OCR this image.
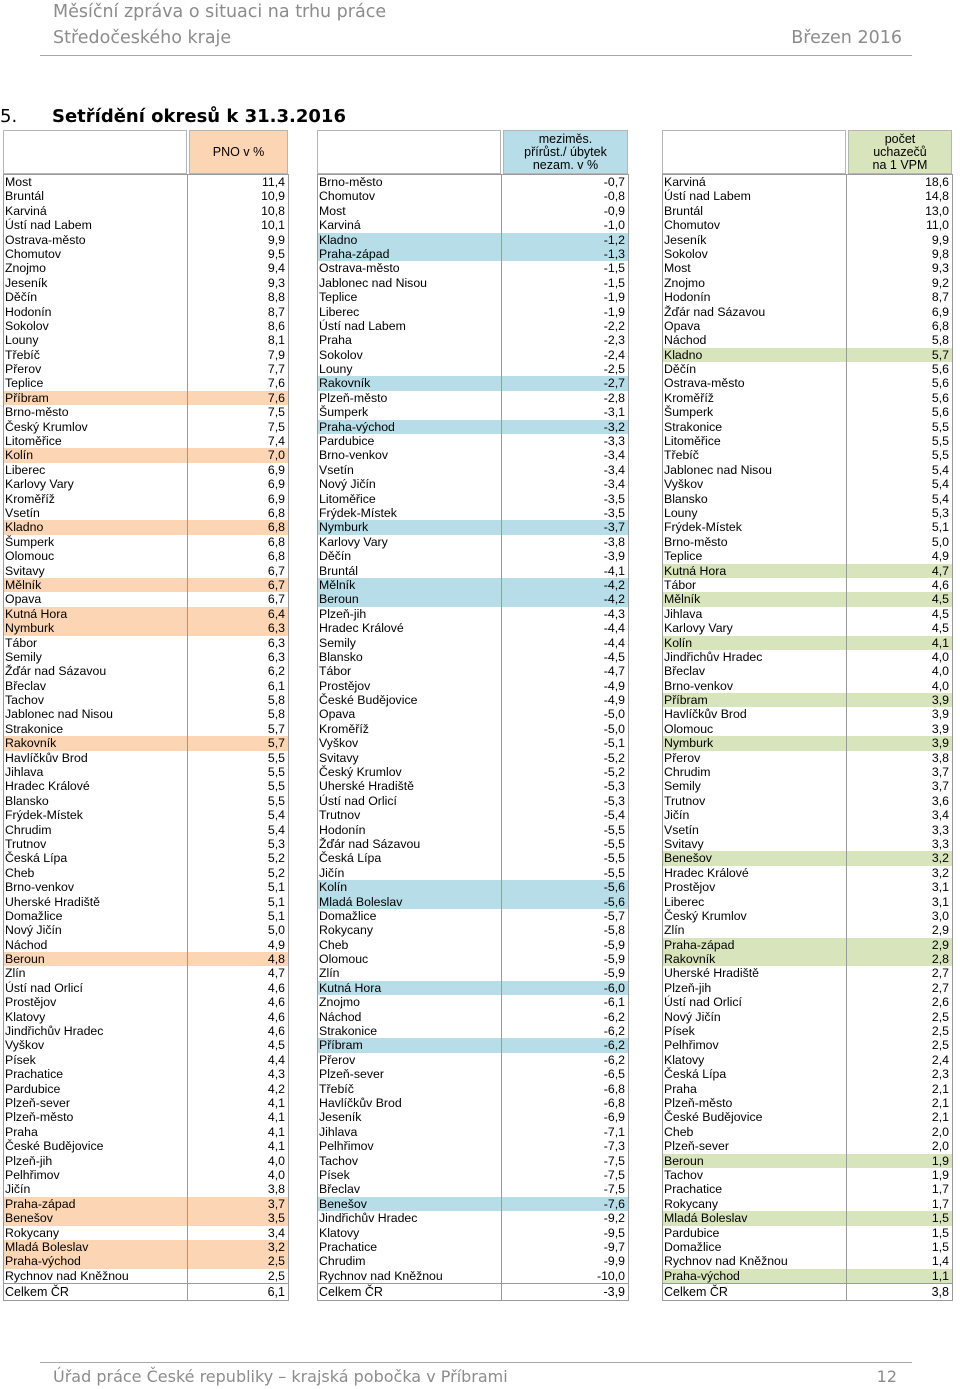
Měsíční zpráva o situaci na trhu práce
Středočeského kraje	Březen 2016
5. Setřídění okresů k 31.3.2016
PNO v %
Most	11,4
Bruntál	10,9
Karviná	10,8
Ústí nad Labem	10,1
Ostrava-město	9,9
Chomutov	9,5
Znojmo	9,4
Jeseník	9,3
Děčín	8,8
Hodonín	8,7
Sokolov	8,6
Louny	8,1
Třebíč	7,9
Přerov	7,7
Teplice	7,6
Příbram	7,6
Brno-město	7,5
Český Krumlov	7,5
Litoměřice	7,4
Kolín	7,0
Liberec	6,9
Karlovy Vary	6,9
Kroměříž	6,9
Vsetín	6,8
Kladno	6,8
Šumperk	6,8
Olomouc	6,8
Svitavy	6,7
Mělník	6,7
Opava	6,7
Kutná Hora	6,4
Nymburk	6,3
Tábor	6,3
Semily	6,3
Žďár nad Sázavou	6,2
Břeclav	6,1
Tachov	5,8
Jablonec nad Nisou	5,8
Strakonice	5,7
Rakovník	5,7
Havlíčkův Brod	5,5
Jihlava	5,5
Hradec Králové	5,5
Blansko	5,5
Frýdek-Místek	5,4
Chrudim	5,4
Trutnov	5,3
Česká Lípa	5,2
Cheb	5,2
Brno-venkov	5,1
Uherské Hradiště	5,1
Domažlice	5,1
Nový Jičín	5,0
Náchod	4,9
Beroun	4,8
Zlín	4,7
Ústí nad Orlicí	4,6
Prostějov	4,6
Klatovy	4,6
Jindřichův Hradec	4,6
Vyškov	4,5
Písek	4,4
Prachatice	4,3
Pardubice	4,2
Plzeň-sever	4,1
Plzeň-město	4,1
Praha	4,1
České Budějovice	4,1
Plzeň-jih	4,0
Pelhřimov	4,0
Jičín	3,8
Praha-západ	3,7
Benešov	3,5
Rokycany	3,4
Mladá Boleslav	3,2
Praha-východ	2,5
Rychnov nad Kněžnou	2,5
Celkem ČR	6,1
meziměs.
přírůst./ úbytek
nezam. v %
Brno-město	-0,7
Chomutov	-0,8
Most	-0,9
Karviná	-1,0
Kladno	-1,2
Praha-západ	-1,3
Ostrava-město	-1,5
Jablonec nad Nisou	-1,5
Teplice	-1,9
Liberec	-1,9
Ústí nad Labem	-2,2
Praha	-2,3
Sokolov	-2,4
Louny	-2,5
Rakovník	-2,7
Plzeň-město	-2,8
Šumperk	-3,1
Praha-východ	-3,2
Pardubice	-3,3
Brno-venkov	-3,4
Vsetín	-3,4
Nový Jičín	-3,4
Litoměřice	-3,5
Frýdek-Místek	-3,5
Nymburk	-3,7
Karlovy Vary	-3,8
Děčín	-3,9
Bruntál	-4,1
Mělník	-4,2
Beroun	-4,2
Plzeň-jih	-4,3
Hradec Králové	-4,4
Semily	-4,4
Blansko	-4,5
Tábor	-4,7
Prostějov	-4,9
České Budějovice	-4,9
Opava	-5,0
Kroměříž	-5,0
Vyškov	-5,1
Svitavy	-5,2
Český Krumlov	-5,2
Uherské Hradiště	-5,3
Ústí nad Orlicí	-5,3
Trutnov	-5,4
Hodonín	-5,5
Žďár nad Sázavou	-5,5
Česká Lípa	-5,5
Jičín	-5,5
Kolín	-5,6
Mladá Boleslav	-5,6
Domažlice	-5,7
Rokycany	-5,8
Cheb	-5,9
Olomouc	-5,9
Zlín	-5,9
Kutná Hora	-6,0
Znojmo	-6,1
Náchod	-6,2
Strakonice	-6,2
Příbram	-6,2
Přerov	-6,2
Plzeň-sever	-6,5
Třebíč	-6,8
Havlíčkův Brod	-6,8
Jeseník	-6,9
Jihlava	-7,1
Pelhřimov	-7,3
Tachov	-7,5
Písek	-7,5
Břeclav	-7,5
Benešov	-7,6
Jindřichův Hradec	-9,2
Klatovy	-9,5
Prachatice	-9,7
Chrudim	-9,9
Rychnov nad Kněžnou	-10,0
Celkem ČR	-3,9
počet
uchazečů
na 1 VPM
Karviná	18,6
Ústí nad Labem	14,8
Bruntál	13,0
Chomutov	11,0
Jeseník	9,9
Sokolov	9,8
Most	9,3
Znojmo	9,2
Hodonín	8,7
Žďár nad Sázavou	6,9
Opava	6,8
Náchod	5,8
Kladno	5,7
Děčín	5,6
Ostrava-město	5,6
Kroměříž	5,6
Šumperk	5,6
Strakonice	5,5
Litoměřice	5,5
Třebíč	5,5
Jablonec nad Nisou	5,4
Vyškov	5,4
Blansko	5,4
Louny	5,3
Frýdek-Místek	5,1
Brno-město	5,0
Teplice	4,9
Kutná Hora	4,7
Tábor	4,6
Mělník	4,5
Jihlava	4,5
Karlovy Vary	4,5
Kolín	4,1
Jindřichův Hradec	4,0
Břeclav	4,0
Brno-venkov	4,0
Příbram	3,9
Havlíčkův Brod	3,9
Olomouc	3,9
Nymburk	3,9
Přerov	3,8
Chrudim	3,7
Semily	3,7
Trutnov	3,6
Jičín	3,4
Vsetín	3,3
Svitavy	3,3
Benešov	3,2
Hradec Králové	3,2
Prostějov	3,1
Liberec	3,1
Český Krumlov	3,0
Zlín	2,9
Praha-západ	2,9
Rakovník	2,8
Uherské Hradiště	2,7
Plzeň-jih	2,7
Ústí nad Orlicí	2,6
Nový Jičín	2,5
Písek	2,5
Pelhřimov	2,5
Klatovy	2,4
Česká Lípa	2,3
Praha	2,1
Plzeň-město	2,1
České Budějovice	2,1
Cheb	2,0
Plzeň-sever	2,0
Beroun	1,9
Tachov	1,9
Prachatice	1,7
Rokycany	1,7
Mladá Boleslav	1,5
Pardubice	1,5
Domažlice	1,5
Rychnov nad Kněžnou	1,4
Praha-východ	1,1
Celkem ČR	3,8
Úřad práce České republiky – krajská pobočka v Příbrami	12
